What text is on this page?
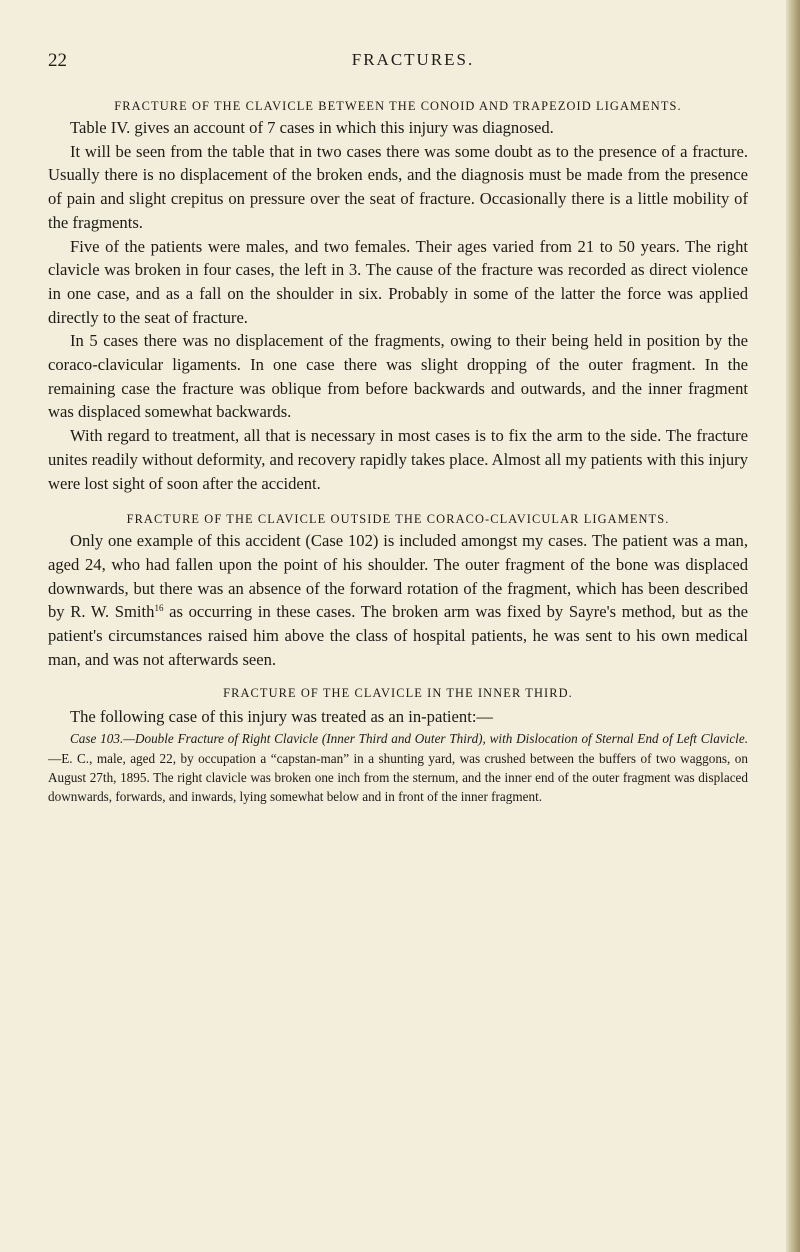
22	FRACTURES.
FRACTURE OF THE CLAVICLE BETWEEN THE CONOID AND TRAPEZOID LIGAMENTS.

Table IV. gives an account of 7 cases in which this injury was diagnosed.

It will be seen from the table that in two cases there was some doubt as to the presence of a fracture. Usually there is no displacement of the broken ends, and the diagnosis must be made from the presence of pain and slight crepitus on pressure over the seat of fracture. Occasionally there is a little mobility of the fragments.

Five of the patients were males, and two females. Their ages varied from 21 to 50 years. The right clavicle was broken in four cases, the left in 3. The cause of the fracture was recorded as direct violence in one case, and as a fall on the shoulder in six. Probably in some of the latter the force was applied directly to the seat of fracture.

In 5 cases there was no displacement of the fragments, owing to their being held in position by the coraco-clavicular ligaments. In one case there was slight dropping of the outer fragment. In the remaining case the fracture was oblique from before backwards and outwards, and the inner fragment was displaced somewhat backwards.

With regard to treatment, all that is necessary in most cases is to fix the arm to the side. The fracture unites readily without deformity, and recovery rapidly takes place. Almost all my patients with this injury were lost sight of soon after the accident.

FRACTURE OF THE CLAVICLE OUTSIDE THE CORACO-CLAVICULAR LIGAMENTS.

Only one example of this accident (Case 102) is included amongst my cases. The patient was a man, aged 24, who had fallen upon the point of his shoulder. The outer fragment of the bone was displaced downwards, but there was an absence of the forward rotation of the fragment, which has been described by R. W. Smith$^{16}$ as occurring in these cases. The broken arm was fixed by Sayre's method, but as the patient's circumstances raised him above the class of hospital patients, he was sent to his own medical man, and was not afterwards seen.

FRACTURE OF THE CLAVICLE IN THE INNER THIRD.

The following case of this injury was treated as an in-patient:—

Case 103.—Double Fracture of Right Clavicle (Inner Third and Outer Third), with Dislocation of Sternal End of Left Clavicle.—E. C., male, aged 22, by occupation a “capstan-man” in a shunting yard, was crushed between the buffers of two waggons, on August 27th, 1895. The right clavicle was broken one inch from the sternum, and the inner end of the outer fragment was displaced downwards, forwards, and inwards, lying somewhat below and in front of the inner fragment.
